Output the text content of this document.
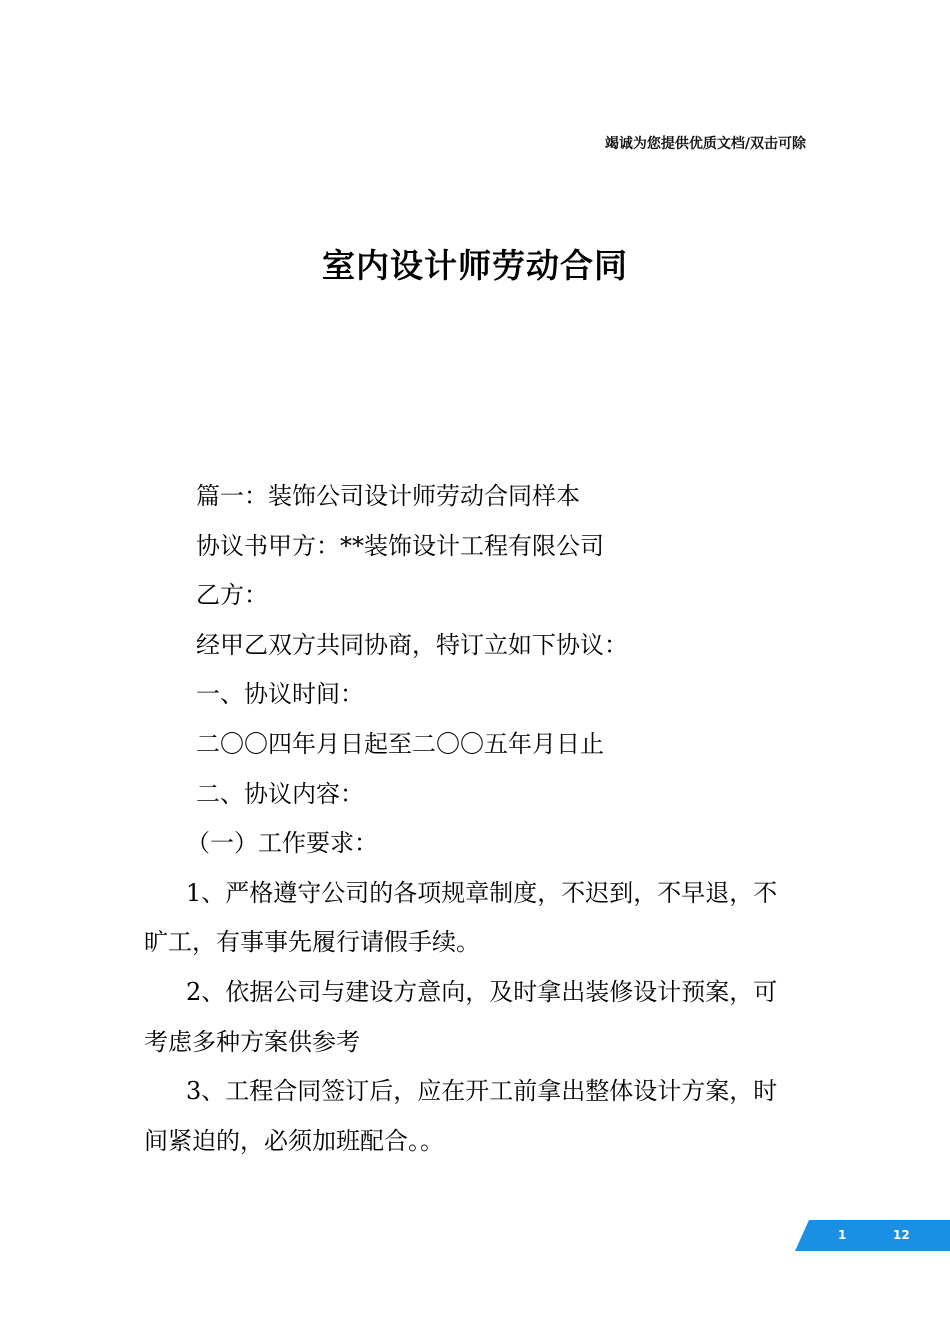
竭诚为您提供优质文档/双击可除
室内设计师劳动合同

篇一：装饰公司设计师劳动合同样本

协议书甲方：**装饰设计工程有限公司

乙方：

经甲乙双方共同协商，特订立如下协议：

一、协议时间：

二〇〇四年月日起至二〇〇五年月日止

二、协议内容：

（一）工作要求：

1、严格遵守公司的各项规章制度，不迟到，不早退，不旷工，有事事先履行请假手续。

2、依据公司与建设方意向，及时拿出装修设计预案，可考虑多种方案供参考

3、工程合同签订后，应在开工前拿出整体设计方案，时间紧迫的，必须加班配合。。

1	12
